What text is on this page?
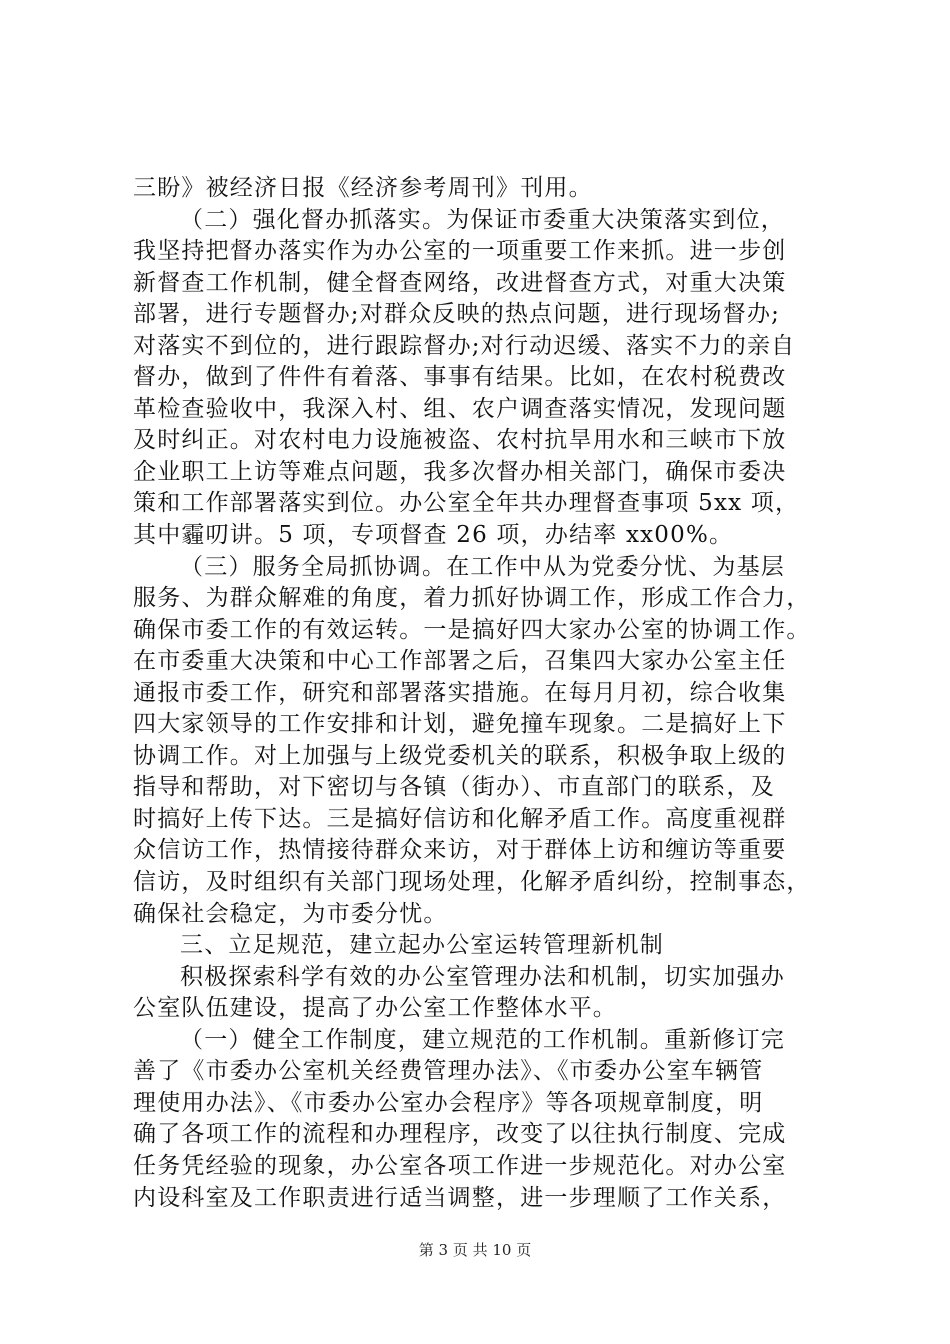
三盼》被经济日报《经济参考周刊》刊用。
（二）强化督办抓落实。为保证市委重大决策落实到位，
我坚持把督办落实作为办公室的一项重要工作来抓。进一步创
新督查工作机制，健全督查网络，改进督查方式，对重大决策
部署，进行专题督办;对群众反映的热点问题，进行现场督办;
对落实不到位的，进行跟踪督办;对行动迟缓、落实不力的亲自
督办，做到了件件有着落、事事有结果。比如，在农村税费改
革检查验收中，我深入村、组、农户调查落实情况，发现问题
及时纠正。对农村电力设施被盗、农村抗旱用水和三峡市下放
企业职工上访等难点问题，我多次督办相关部门，确保市委决
策和工作部署落实到位。办公室全年共办理督查事项 5xx 项，
其中霾叨讲。5 项，专项督查 26 项，办结率 xx00%。
（三）服务全局抓协调。在工作中从为党委分忧、为基层
服务、为群众解难的角度，着力抓好协调工作，形成工作合力，
确保市委工作的有效运转。一是搞好四大家办公室的协调工作。
在市委重大决策和中心工作部署之后，召集四大家办公室主任
通报市委工作，研究和部署落实措施。在每月月初，综合收集
四大家领导的工作安排和计划，避免撞车现象。二是搞好上下
协调工作。对上加强与上级党委机关的联系，积极争取上级的
指导和帮助，对下密切与各镇（街办）、市直部门的联系，及
时搞好上传下达。三是搞好信访和化解矛盾工作。高度重视群
众信访工作，热情接待群众来访，对于群体上访和缠访等重要
信访，及时组织有关部门现场处理，化解矛盾纠纷，控制事态，
确保社会稳定，为市委分忧。
三、立足规范，建立起办公室运转管理新机制
积极探索科学有效的办公室管理办法和机制，切实加强办
公室队伍建设，提高了办公室工作整体水平。
（一）健全工作制度，建立规范的工作机制。重新修订完
善了《市委办公室机关经费管理办法》、《市委办公室车辆管
理使用办法》、《市委办公室办会程序》等各项规章制度，明
确了各项工作的流程和办理程序，改变了以往执行制度、完成
任务凭经验的现象，办公室各项工作进一步规范化。对办公室
内设科室及工作职责进行适当调整，进一步理顺了工作关系，
第 3 页 共 10 页
